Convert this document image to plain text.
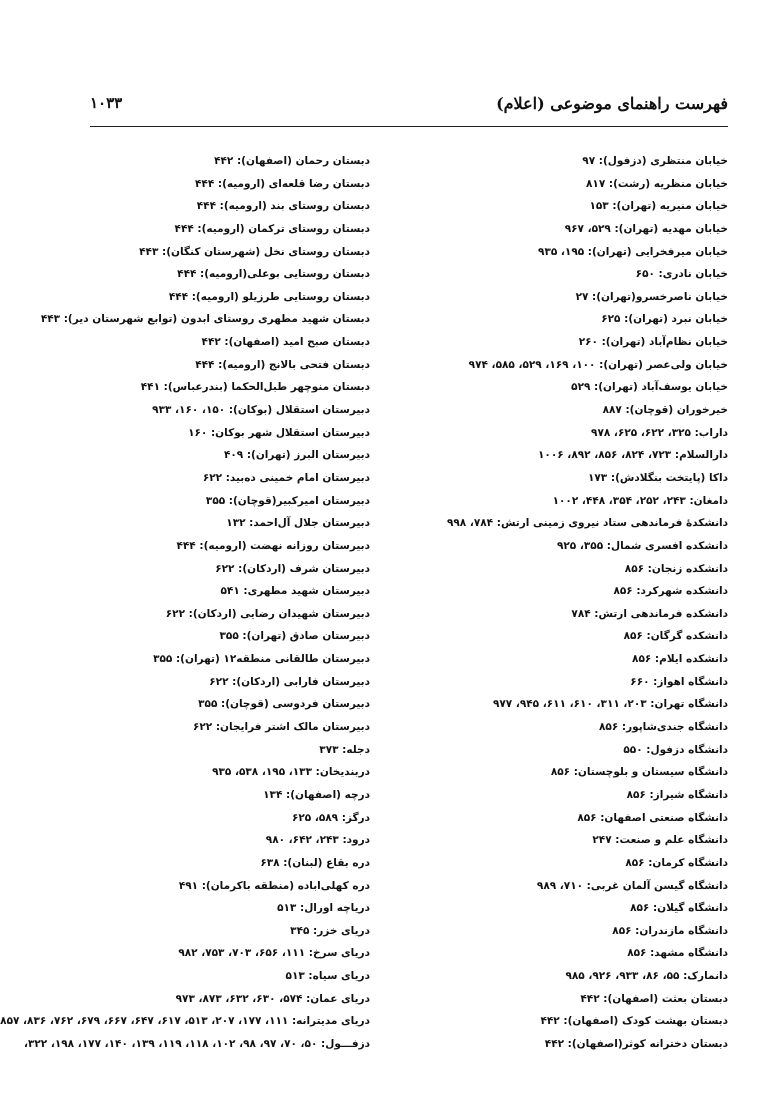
فهرست راهنمای موضوعی (اعلام)
۱۰۳۳
خیابان منتظری (دزفول): ۹۷
خیابان منظریه (رشت): ۸۱۷
خیابان منیریه (تهران): ۱۵۳
خیابان مهدیه (تهران): ۵۲۹، ۹۶۷
خیابان میرفخرایی (تهران): ۱۹۵، ۹۳۵
خیابان نادری: ۶۵۰
خیابان ناصرخسرو(تهران): ۲۷
خیابان نبرد (تهران): ۶۲۵
خیابان نظام‌آباد (تهران): ۲۶۰
خیابان ولی‌عصر (تهران): ۱۰۰، ۱۶۹، ۵۲۹، ۵۸۵، ۹۷۴
خیابان یوسف‌آباد (تهران): ۵۲۹
خیرخوران (قوچان): ۸۸۷
داراب: ۳۲۵، ۶۲۲، ۶۲۵، ۹۷۸
دارالسلام: ۷۲۳، ۸۲۴، ۸۵۶، ۸۹۲، ۱۰۰۶
داکا (پایتخت بنگلادش): ۱۷۳
دامغان: ۲۴۳، ۲۵۲، ۳۵۴، ۴۴۸، ۱۰۰۲
دانشکدهٔ فرماندهی ستاد نیروی زمینی ارتش: ۷۸۴، ۹۹۸
دانشکده افسری شمال: ۳۵۵، ۹۲۵
دانشکده زنجان: ۸۵۶
دانشکده شهرکرد: ۸۵۶
دانشکده فرماندهی ارتش: ۷۸۴
دانشکده گرگان: ۸۵۶
دانشکده ایلام: ۸۵۶
دانشگاه اهواز: ۶۶۰
دانشگاه تهران: ۲۰۳، ۳۱۱، ۶۱۰، ۶۱۱، ۹۴۵، ۹۷۷
دانشگاه جندی‌شاپور: ۸۵۶
دانشگاه دزفول: ۵۵۰
دانشگاه سیستان و بلوچستان: ۸۵۶
دانشگاه شیراز: ۸۵۶
دانشگاه صنعتی اصفهان: ۸۵۶
دانشگاه علم و صنعت: ۲۴۷
دانشگاه کرمان: ۸۵۶
دانشگاه گیسن آلمان غربی: ۷۱۰، ۹۸۹
دانشگاه گیلان: ۸۵۶
دانشگاه مازندران: ۸۵۶
دانشگاه مشهد: ۸۵۶
دانمارک: ۵۵، ۸۶، ۹۳۳، ۹۲۶، ۹۸۵
دبستان بعثت (اصفهان): ۴۴۲
دبستان بهشت کودک (اصفهان): ۴۴۲
دبستان دخترانه کوثر(اصفهان): ۴۴۲
دبستان رحمان (اصفهان): ۴۴۲
دبستان رضا قلعه‌ای (ارومیه): ۴۴۴
دبستان روستای بند (ارومیه): ۴۴۴
دبستان روستای ترکمان (ارومیه): ۴۴۴
دبستان روستای نخل (شهرستان کنگان): ۴۴۳
دبستان روستایی بوعلی(ارومیه): ۴۴۴
دبستان روستایی طرزیلو (ارومیه): ۴۴۴
دبستان شهید مطهری روستای ابدون (توابع شهرستان دیر): ۴۴۳
دبستان صبح امید (اصفهان): ۴۴۲
دبستان فتحی بالانج (ارومیه): ۴۴۴
دبستان منوچهر طبل‌الحکما (بندرعباس): ۴۴۱
دبیرستان استقلال (بوکان): ۱۵۰، ۱۶۰، ۹۳۳
دبیرستان استقلال شهر بوکان: ۱۶۰
دبیرستان البرز (تهران): ۴۰۹
دبیرستان امام خمینی ده‌بید: ۶۲۲
دبیرستان امیرکبیر(قوچان): ۳۵۵
دبیرستان جلال آل‌احمد: ۱۳۲
دبیرستان روزانه نهضت (ارومیه): ۴۴۴
دبیرستان شرف (اردکان): ۶۲۲
دبیرستان شهید مطهری: ۵۴۱
دبیرستان شهیدان رضایی (اردکان): ۶۲۲
دبیرستان صادق (تهران): ۳۵۵
دبیرستان طالقانی منطقه۱۲ (تهران): ۳۵۵
دبیرستان فارابی (اردکان): ۶۲۲
دبیرستان فردوسی (قوچان): ۳۵۵
دبیرستان مالک اشتر فرایجان: ۶۲۲
دجله: ۳۷۳
دربندیخان: ۱۳۳، ۱۹۵، ۵۳۸، ۹۳۵
درچه (اصفهان): ۱۳۴
درگز: ۵۸۹، ۶۲۵
درود: ۲۴۳، ۶۴۲، ۹۸۰
دره بقاع (لبنان): ۶۳۸
دره کهلی‌اباده (منطقه باکرمان): ۴۹۱
دریاچه اورال: ۵۱۳
دریای خزر: ۳۴۵
دریای سرخ: ۱۱۱، ۶۵۶، ۷۰۳، ۷۵۳، ۹۸۲
دریای سیاه: ۵۱۳
دریای عمان: ۵۷۴، ۶۳۰، ۶۳۲، ۸۷۳، ۹۷۳
دریای مدیترانه: ۱۱۱، ۱۷۷، ۲۰۷، ۵۱۳، ۶۱۷، ۶۴۷، ۶۶۷، ۶۷۹، ۷۶۲، ۸۳۶، ۸۵۷
دزفـــول: ۵۰، ۷۰، ۹۷، ۹۸، ۱۰۲، ۱۱۸، ۱۱۹، ۱۳۹، ۱۴۰، ۱۷۷، ۱۹۸، ۳۲۲،
